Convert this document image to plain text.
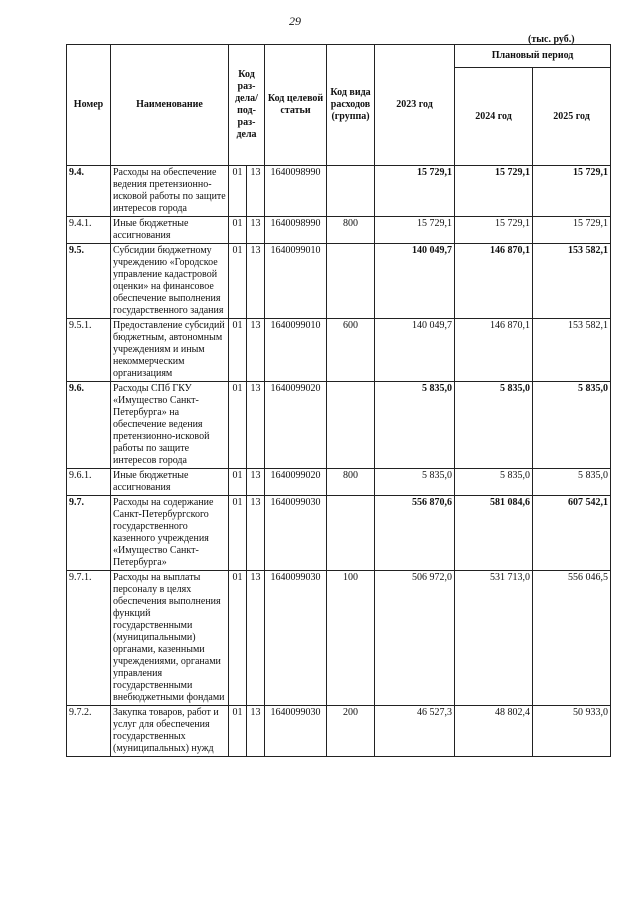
29
(тыс. руб.)
Номер	Наименование	Код раз-дела/ под-раз-дела		Код целевой статьи	Код вида расходов (группа)	2023 год	Плановый период	
							2024 год	2025 год
9.4.	Расходы на обеспечение ведения претензионно-исковой работы по защите интересов города	01	13	1640098990		15 729,1	15 729,1	15 729,1
9.4.1.	Иные бюджетные ассигнования	01	13	1640098990	800	15 729,1	15 729,1	15 729,1
9.5.	Субсидии бюджетному учреждению «Городское управление кадастровой оценки» на финансовое обеспечение выполнения государственного задания	01	13	1640099010		140 049,7	146 870,1	153 582,1
9.5.1.	Предоставление субсидий бюджетным, автономным учреждениям и иным некоммерческим организациям	01	13	1640099010	600	140 049,7	146 870,1	153 582,1
9.6.	Расходы СПб ГКУ «Имущество Санкт-Петербурга» на обеспечение ведения претензионно-исковой работы по защите интересов города	01	13	1640099020		5 835,0	5 835,0	5 835,0
9.6.1.	Иные бюджетные ассигнования	01	13	1640099020	800	5 835,0	5 835,0	5 835,0
9.7.	Расходы на содержание Санкт-Петербургского государственного казенного учреждения «Имущество Санкт-Петербурга»	01	13	1640099030		556 870,6	581 084,6	607 542,1
9.7.1.	Расходы на выплаты персоналу в целях обеспечения выполнения функций государственными (муниципальными) органами, казенными учреждениями, органами управления государственными внебюджетными фондами	01	13	1640099030	100	506 972,0	531 713,0	556 046,5
9.7.2.	Закупка товаров, работ и услуг для обеспечения государственных (муниципальных) нужд	01	13	1640099030	200	46 527,3	48 802,4	50 933,0
